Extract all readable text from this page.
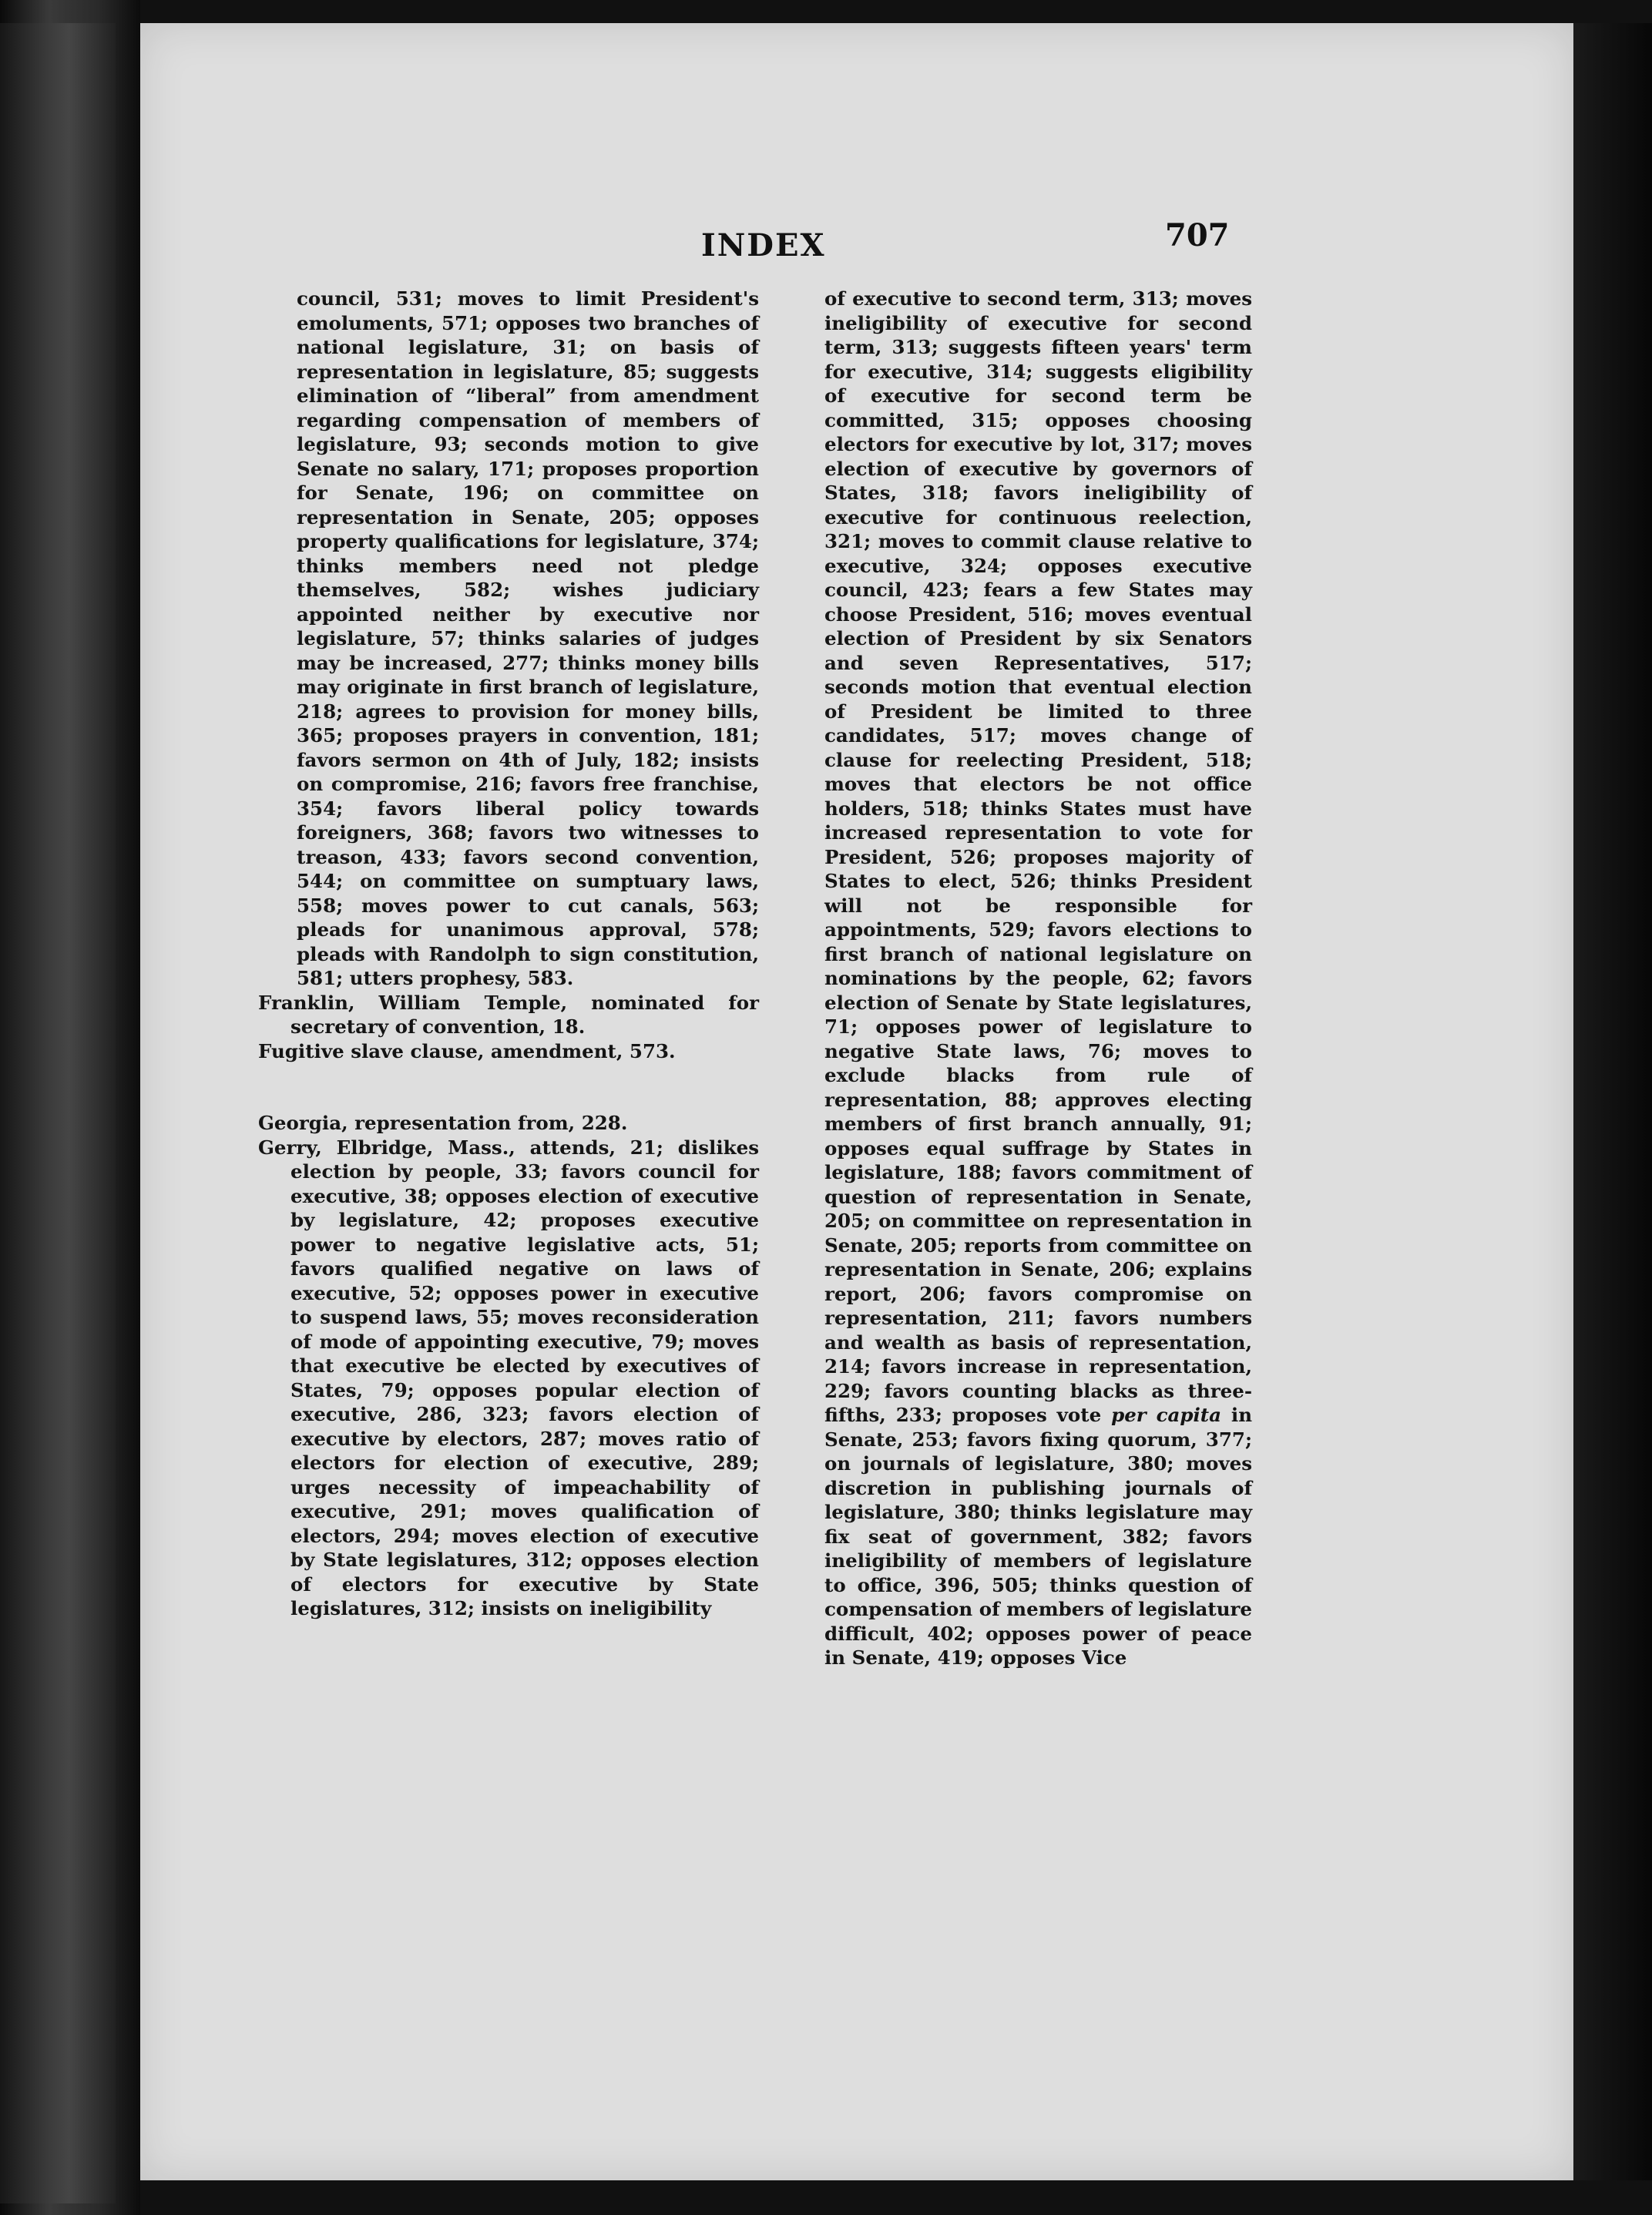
INDEX	707

council, 531; moves to limit President's emoluments, 571; opposes two branches of national legislature, 31; on basis of representation in legislature, 85; suggests elimination of “liberal” from amendment regarding compensation of members of legislature, 93; seconds motion to give Senate no salary, 171; proposes proportion for Senate, 196; on committee on representation in Senate, 205; opposes property qualifications for legislature, 374; thinks members need not pledge themselves, 582; wishes judiciary appointed neither by executive nor legislature, 57; thinks salaries of judges may be increased, 277; thinks money bills may originate in first branch of legislature, 218; agrees to provision for money bills, 365; proposes prayers in convention, 181; favors sermon on 4th of July, 182; insists on compromise, 216; favors free franchise, 354; favors liberal policy towards foreigners, 368; favors two witnesses to treason, 433; favors second convention, 544; on committee on sumptuary laws, 558; moves power to cut canals, 563; pleads for unanimous approval, 578; pleads with Randolph to sign constitution, 581; utters prophesy, 583.

Franklin, William Temple, nominated for secretary of convention, 18.

Fugitive slave clause, amendment, 573.

Georgia, representation from, 228.

Gerry, Elbridge, Mass., attends, 21; dislikes election by people, 33; favors council for executive, 38; opposes election of executive by legislature, 42; proposes executive power to negative legislative acts, 51; favors qualified negative on laws of executive, 52; opposes power in executive to suspend laws, 55; moves reconsideration of mode of appointing executive, 79; moves that executive be elected by executives of States, 79; opposes popular election of executive, 286, 323; favors election of executive by electors, 287; moves ratio of electors for election of executive, 289; urges necessity of impeachability of executive, 291; moves qualification of electors, 294; moves election of executive by State legislatures, 312; opposes election of electors for executive by State legislatures, 312; insists on ineligibility

of executive to second term, 313; moves ineligibility of executive for second term, 313; suggests fifteen years' term for executive, 314; suggests eligibility of executive for second term be committed, 315; opposes choosing electors for executive by lot, 317; moves election of executive by governors of States, 318; favors ineligibility of executive for continuous reelection, 321; moves to commit clause relative to executive, 324; opposes executive council, 423; fears a few States may choose President, 516; moves eventual election of President by six Senators and seven Representatives, 517; seconds motion that eventual election of President be limited to three candidates, 517; moves change of clause for reelecting President, 518; moves that electors be not office holders, 518; thinks States must have increased representation to vote for President, 526; proposes majority of States to elect, 526; thinks President will not be responsible for appointments, 529; favors elections to first branch of national legislature on nominations by the people, 62; favors election of Senate by State legislatures, 71; opposes power of legislature to negative State laws, 76; moves to exclude blacks from rule of representation, 88; approves electing members of first branch annually, 91; opposes equal suffrage by States in legislature, 188; favors commitment of question of representation in Senate, 205; on committee on representation in Senate, 205; reports from committee on representation in Senate, 206; explains report, 206; favors compromise on representation, 211; favors numbers and wealth as basis of representation, 214; favors increase in representation, 229; favors counting blacks as three-fifths, 233; proposes vote per capita in Senate, 253; favors fixing quorum, 377; on journals of legislature, 380; moves discretion in publishing journals of legislature, 380; thinks legislature may fix seat of government, 382; favors ineligibility of members of legislature to office, 396, 505; thinks question of compensation of members of legislature difficult, 402; opposes power of peace in Senate, 419; opposes Vice
